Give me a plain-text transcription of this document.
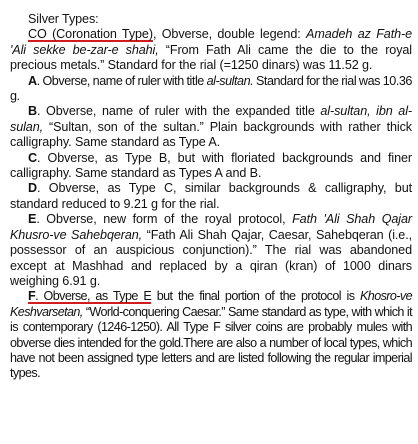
Silver Types:

CO (Coronation Type), Obverse, double legend: Amadeh az Fath-e 'Ali sekke be-zar-e shahi, “From Fath Ali came the die to the royal precious metals.” Standard for the rial (=1250 dinars) was 11.52 g.

A. Obverse, name of ruler with title al-sultan. Standard for the rial was 10.36 g.

B. Obverse, name of ruler with the expanded title al-sultan, ibn al-sulan, “Sultan, son of the sultan.” Plain backgrounds with rather thick calligraphy. Same standard as Type A.

C. Obverse, as Type B, but with floriated backgrounds and finer calligraphy. Same standard as Types A and B.

D. Obverse, as Type C, similar backgrounds & calligraphy, but standard reduced to 9.21 g for the rial.

E. Obverse, new form of the royal protocol, Fath 'Ali Shah Qajar Khusro-ve Sahebqeran, “Fath Ali Shah Qajar, Caesar, Sahebqeran (i.e., possessor of an auspicious conjunction).” The rial was abandoned except at Mashhad and replaced by a qiran (kran) of 1000 dinars weighing 6.91 g.

F. Obverse, as Type E but the final portion of the protocol is Khosro-ve Keshvarsetan, “World-conquering Caesar.” Same standard as type, with which it is contemporary (1246-1250). All Type F silver coins are probably mules with obverse dies intended for the gold.There are also a number of local types, which have not been assigned type letters and are listed following the regular imperial types.
